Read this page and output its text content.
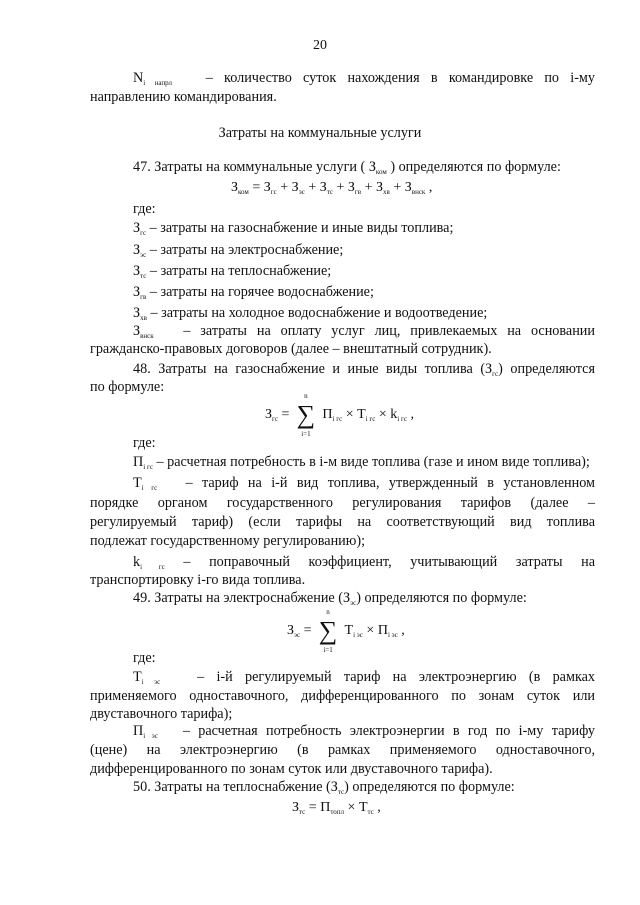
20
$N_{i напрл}$ – количество суток нахождения в командировке по i-му
направлению командирования.
Затраты на коммунальные услуги
47. Затраты на коммунальные услуги ( $З_{ком}$ ) определяются по формуле:
$З_{ком} = З_{гс} + З_{эс} + З_{тс} + З_{гв} + З_{хв} + З_{внск}$ ,
где:
$З_{гс}$ – затраты на газоснабжение и иные виды топлива;
$З_{эс}$ – затраты на электроснабжение;
$З_{тс}$ – затраты на теплоснабжение;
$З_{гв}$ – затраты на горячее водоснабжение;
$З_{хв}$ – затраты на холодное водоснабжение и водоотведение;
$З_{внск}$ – затраты на оплату услуг лиц, привлекаемых на основании
гражданско-правовых договоров (далее – внештатный сотрудник).
48. Затраты на газоснабжение и иные виды топлива $(З_{гс})$ определяются
по формуле:
$З_{гс}$ =
n
∑
i=1
$П_{i гс} \times Т_{i гс} \times k_{i гс}$ ,
где:
$П_{i гс}$ – расчетная потребность в i-м виде топлива (газе и ином виде топлива);
$Т_{i гс}$ – тариф на i-й вид топлива, утвержденный в установленном
порядке органом государственного регулирования тарифов (далее –
регулируемый тариф) (если тарифы на соответствующий вид топлива
подлежат государственному регулированию);
$k_{i гс}$ – поправочный коэффициент, учитывающий затраты на
транспортировку i-го вида топлива.
49. Затраты на электроснабжение $(З_{эс})$ определяются по формуле:
$З_{эс}$ =
n
∑
i=1
$Т_{i эс} \times П_{i эс}$ ,
где:
$Т_{i эс}$	– i-й регулируемый тариф на электроэнергию (в рамках
применяемого одноставочного, дифференцированного по зонам суток или
двуставочного тарифа);
$П_{i эс}$ – расчетная потребность электроэнергии в год по i-му тарифу
(цене) на электроэнергию (в рамках применяемого одноставочного,
дифференцированного по зонам суток или двуставочного тарифа).
50. Затраты на теплоснабжение $(З_{тс})$ определяются по формуле:
$З_{тс} = П_{топл} \times Т_{тс}$ ,
